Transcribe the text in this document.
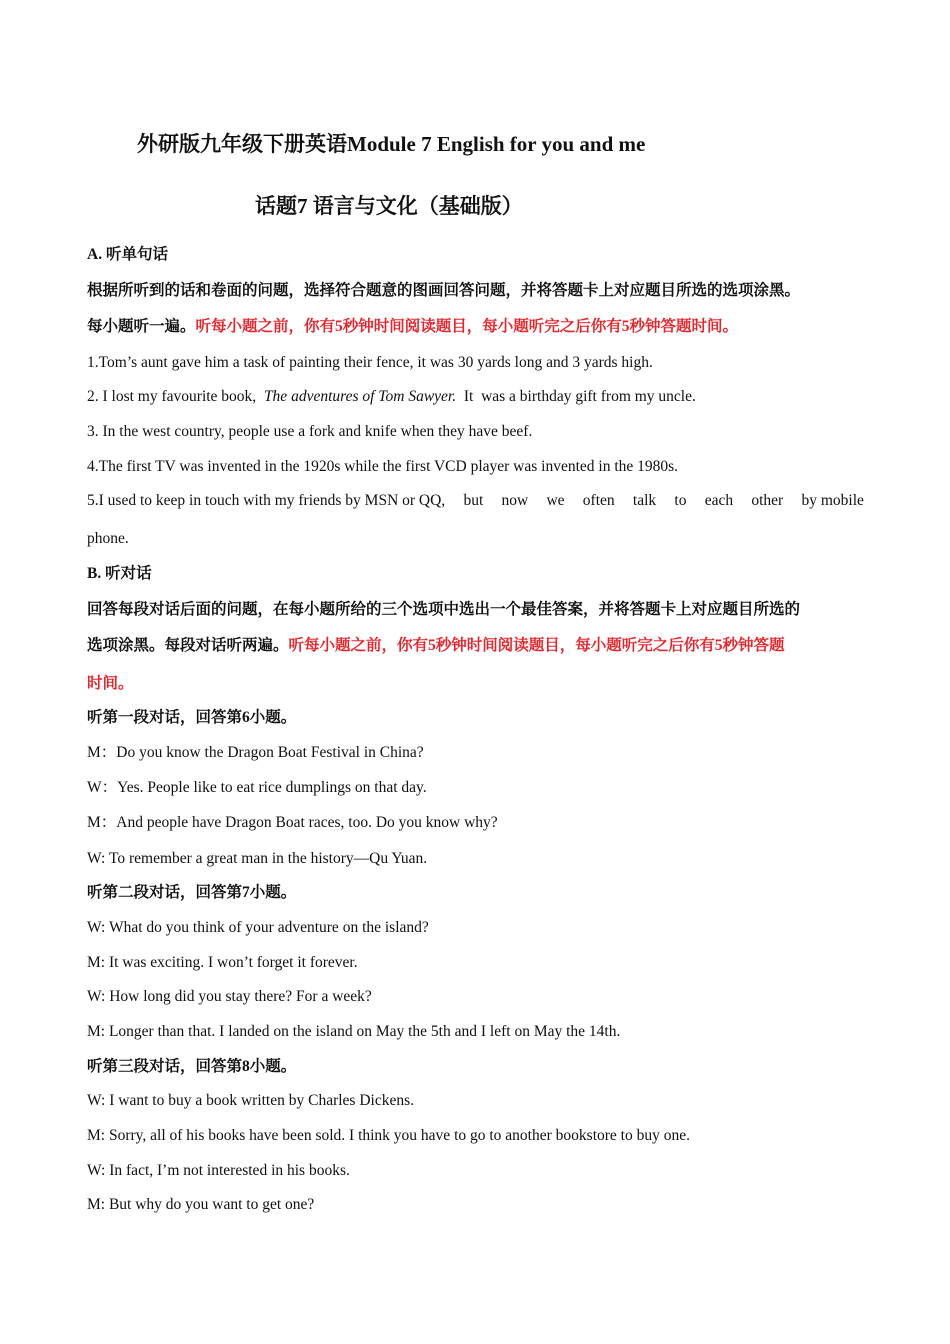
外研版九年级下册英语Module 7 English for you and me
话题7 语言与文化（基础版）
A. 听单句话
根据所听到的话和卷面的问题，选择符合题意的图画回答问题，并将答题卡上对应题目所选的选项涂黑。
每小题听一遍。听每小题之前，你有5秒钟时间阅读题目，每小题听完之后你有5秒钟答题时间。
1.Tom’s aunt gave him a task of painting their fence, it was 30 yards long and 3 yards high.
2. I lost my favourite book,  The adventures of Tom Sawyer.  It  was a birthday gift from my uncle.
3. In the west country, people use a fork and knife when they have beef.
4.The first TV was invented in the 1920s while the first VCD player was invented in the 1980s.
5.I used to keep in touch with my friends by MSN or QQ, but now we often talk to each other by mobile
phone.
B. 听对话
回答每段对话后面的问题，在每小题所给的三个选项中选出一个最佳答案，并将答题卡上对应题目所选的
选项涂黑。每段对话听两遍。听每小题之前，你有5秒钟时间阅读题目，每小题听完之后你有5秒钟答题
时间。
听第一段对话，回答第6小题。
M：Do you know the Dragon Boat Festival in China?
W：Yes. People like to eat rice dumplings on that day.
M：And people have Dragon Boat races, too. Do you know why?
W: To remember a great man in the history—Qu Yuan.
听第二段对话，回答第7小题。
W: What do you think of your adventure on the island?
M: It was exciting. I won’t forget it forever.
W: How long did you stay there? For a week?
M: Longer than that. I landed on the island on May the 5th and I left on May the 14th.
听第三段对话，回答第8小题。
W: I want to buy a book written by Charles Dickens.
M: Sorry, all of his books have been sold. I think you have to go to another bookstore to buy one.
W: In fact, I’m not interested in his books.
M: But why do you want to get one?
